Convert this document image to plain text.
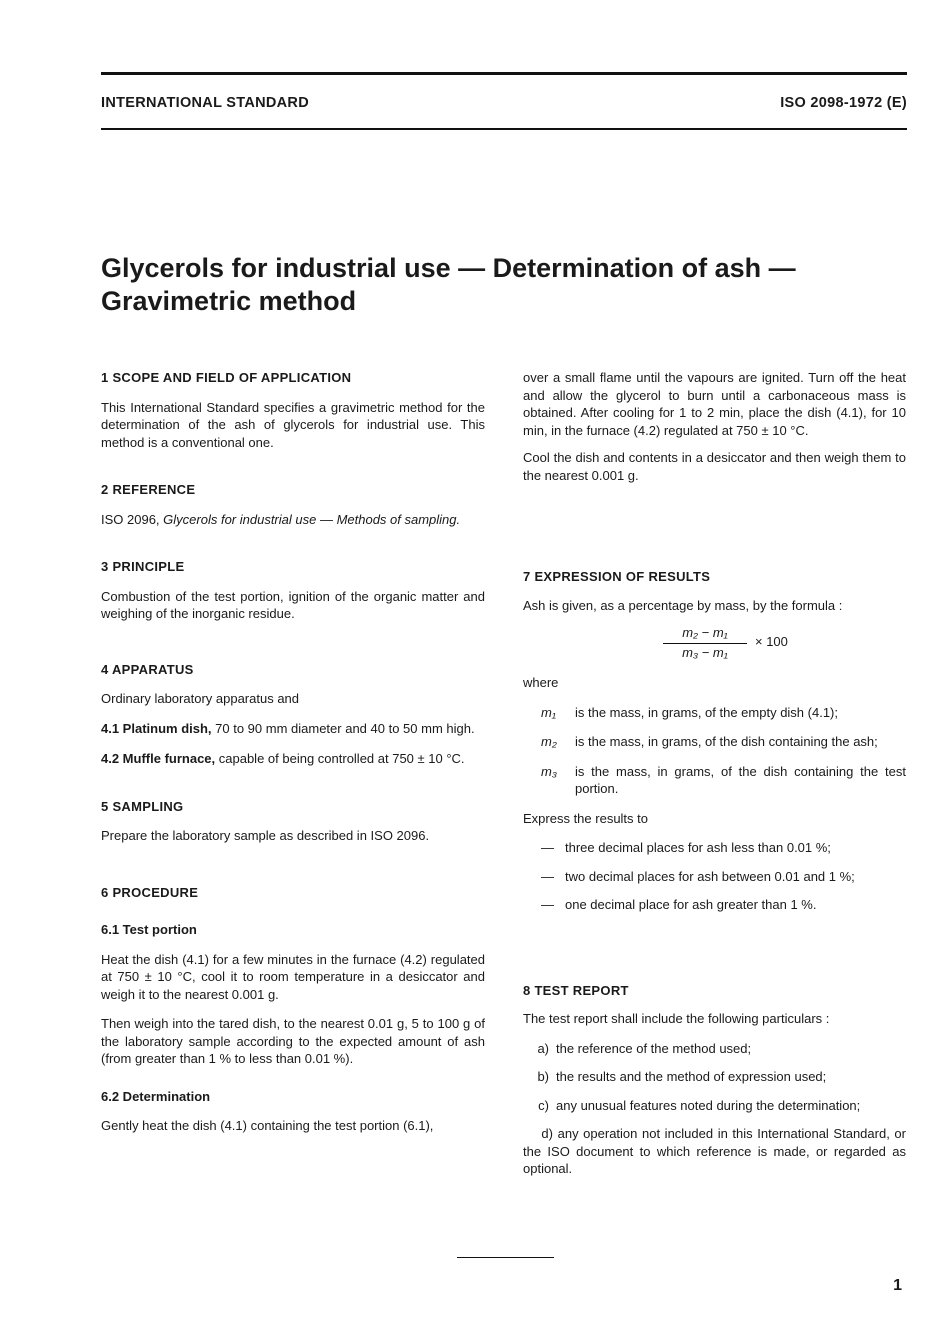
INTERNATIONAL STANDARD	ISO 2098-1972 (E)
Glycerols for industrial use — Determination of ash —
Gravimetric method
1 SCOPE AND FIELD OF APPLICATION

This International Standard specifies a gravimetric method for the determination of the ash of glycerols for industrial use. This method is a conventional one.

2 REFERENCE

ISO 2096, Glycerols for industrial use — Methods of sampling.

3 PRINCIPLE

Combustion of the test portion, ignition of the organic matter and weighing of the inorganic residue.

4 APPARATUS

Ordinary laboratory apparatus and

4.1 Platinum dish, 70 to 90 mm diameter and 40 to 50 mm high.

4.2 Muffle furnace, capable of being controlled at 750 ± 10 °C.

5 SAMPLING

Prepare the laboratory sample as described in ISO 2096.

6 PROCEDURE
6.1 Test portion

Heat the dish (4.1) for a few minutes in the furnace (4.2) regulated at 750 ± 10 °C, cool it to room temperature in a desiccator and weigh it to the nearest 0.001 g.

Then weigh into the tared dish, to the nearest 0.01 g, 5 to 100 g of the laboratory sample according to the expected amount of ash (from greater than 1 % to less than 0.01 %).

6.2 Determination

Gently heat the dish (4.1) containing the test portion (6.1),

over a small flame until the vapours are ignited. Turn off the heat and allow the glycerol to burn until a carbonaceous mass is obtained. After cooling for 1 to 2 min, place the dish (4.1), for 10 min, in the furnace (4.2) regulated at 750 ± 10 °C.

Cool the dish and contents in a desiccator and then weigh them to the nearest 0.001 g.

7 EXPRESSION OF RESULTS

Ash is given, as a percentage by mass, by the formula :

$\frac{\text{m₂ − m₁}}{\text{m₃ − m₁}} \times 100$

where

m₁	is the mass, in grams, of the empty dish (4.1);
m₂	is the mass, in grams, of the dish containing the ash;
m₃	is the mass, in grams, of the dish containing the test portion.

Express the results to

— three decimal places for ash less than 0.01 %;
— two decimal places for ash between 0.01 and 1 %;
— one decimal place for ash greater than 1 %.
8 TEST REPORT

The test report shall include the following particulars :

a) the reference of the method used;
b) the results and the method of expression used;
c) any unusual features noted during the determination;
d) any operation not included in this International Standard, or the ISO document to which reference is made, or regarded as optional.
1
